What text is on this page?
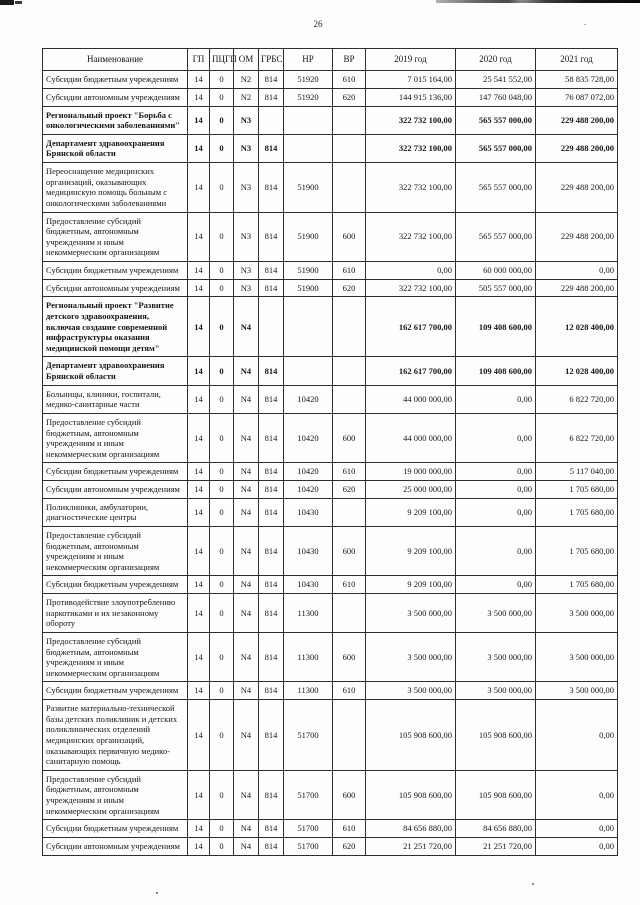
26
Наименование	ГП	ПЦГП	ОМ	ГРБС	НР	ВР	2019 год	2020 год	2021 год
Субсидии бюджетным учреждениям	14	0	N2	814	51920	610	7 015 164,00	25 541 552,00	58 835 728,00
Субсидии автономным учреждениям	14	0	N2	814	51920	620	144 915 136,00	147 760 048,00	76 087 072,00
Региональный проект "Борьба с онкологическими заболеваниями"	14	0	N3				322 732 100,00	565 557 000,00	229 488 200,00
Департамент здравоохранения Брянской области	14	0	N3	814			322 732 100,00	565 557 000,00	229 488 200,00
Переоснащение медицинских организаций, оказывающих медицинскую помощь больным с онкологическими заболеваниями	14	0	N3	814	51900		322 732 100,00	565 557 000,00	229 488 200,00
Предоставление субсидий бюджетным, автономным учреждениям и иным некоммерческим организациям	14	0	N3	814	51900	600	322 732 100,00	565 557 000,00	229 488 200,00
Субсидии бюджетным учреждениям	14	0	N3	814	51900	610	0,00	60 000 000,00	0,00
Субсидии автономным учреждениям	14	0	N3	814	51900	620	322 732 100,00	505 557 000,00	229 488 200,00
Региональный проект "Развитие детского здравоохранения, включая создание современной инфраструктуры оказания медицинской помощи детям"	14	0	N4				162 617 700,00	109 408 600,00	12 028 400,00
Департамент здравоохранения Брянской области	14	0	N4	814			162 617 700,00	109 408 600,00	12 028 400,00
Больницы, клиники, госпитали, медико-санитарные части	14	0	N4	814	10420		44 000 000,00	0,00	6 822 720,00
Предоставление субсидий бюджетным, автономным учреждениям и иным некоммерческим организациям	14	0	N4	814	10420	600	44 000 000,00	0,00	6 822 720,00
Субсидии бюджетным учреждениям	14	0	N4	814	10420	610	19 000 000,00	0,00	5 117 040,00
Субсидии автономным учреждениям	14	0	N4	814	10420	620	25 000 000,00	0,00	1 705 680,00
Поликлиники, амбулатории, диагностические центры	14	0	N4	814	10430		9 209 100,00	0,00	1 705 680,00
Предоставление субсидий бюджетным, автономным учреждениям и иным некоммерческим организациям	14	0	N4	814	10430	600	9 209 100,00	0,00	1 705 680,00
Субсидии бюджетным учреждениям	14	0	N4	814	10430	610	9 209 100,00	0,00	1 705 680,00
Противодействие злоупотреблению наркотиками и их незаконному обороту	14	0	N4	814	11300		3 500 000,00	3 500 000,00	3 500 000,00
Предоставление субсидий бюджетным, автономным учреждениям и иным некоммерческим организациям	14	0	N4	814	11300	600	3 500 000,00	3 500 000,00	3 500 000,00
Субсидии бюджетным учреждениям	14	0	N4	814	11300	610	3 500 000,00	3 500 000,00	3 500 000,00
Развитие материально-технической базы детских поликлиник и детских поликлинических отделений медицинских организаций, оказывающих первичную медико-санитарную помощь	14	0	N4	814	51700		105 908 600,00	105 908 600,00	0,00
Предоставление субсидий бюджетным, автономным учреждениям и иным некоммерческим организациям	14	0	N4	814	51700	600	105 908 600,00	105 908 600,00	0,00
Субсидии бюджетным учреждениям	14	0	N4	814	51700	610	84 656 880,00	84 656 880,00	0,00
Субсидии автономным учреждениям	14	0	N4	814	51700	620	21 251 720,00	21 251 720,00	0,00
